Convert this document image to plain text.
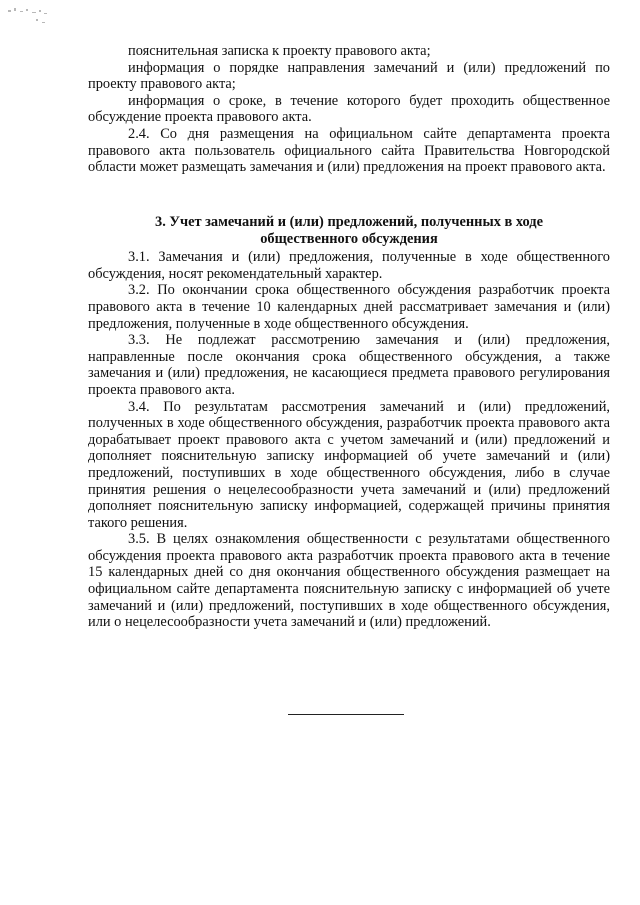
пояснительная записка к проекту правового акта;

информация о порядке направления замечаний и (или) предложений по проекту правового акта;

информация о сроке, в течение которого будет проходить общественное обсуждение проекта правового акта.

2.4. Со дня размещения на официальном сайте департамента проекта правового акта пользователь официального сайта Правительства Новгородской области может размещать замечания и (или) предложения на проект правового акта.

3. Учет замечаний и (или) предложений, полученных в ходе общественного обсуждения

3.1. Замечания и (или) предложения, полученные в ходе общественного обсуждения, носят рекомендательный характер.

3.2. По окончании срока общественного обсуждения разработчик проекта правового акта в течение 10 календарных дней рассматривает замечания и (или) предложения, полученные в ходе общественного обсуждения.

3.3. Не подлежат рассмотрению замечания и (или) предложения, направленные после окончания срока общественного обсуждения, а также замечания и (или) предложения, не касающиеся предмета правового регулирования проекта правового акта.

3.4. По результатам рассмотрения замечаний и (или) предложений, полученных в ходе общественного обсуждения, разработчик проекта правового акта дорабатывает проект правового акта с учетом замечаний и (или) предложений и дополняет пояснительную записку информацией об учете замечаний и (или) предложений, поступивших в ходе общественного обсуждения, либо в случае принятия решения о нецелесообразности учета замечаний и (или) предложений дополняет пояснительную записку информацией, содержащей причины принятия такого решения.

3.5. В целях ознакомления общественности с результатами общественного обсуждения проекта правового акта разработчик проекта правового акта в течение 15 календарных дней со дня окончания общественного обсуждения размещает на официальном сайте департамента пояснительную записку с информацией об учете замечаний и (или) предложений, поступивших в ходе общественного обсуждения, или о нецелесообразности учета замечаний и (или) предложений.
